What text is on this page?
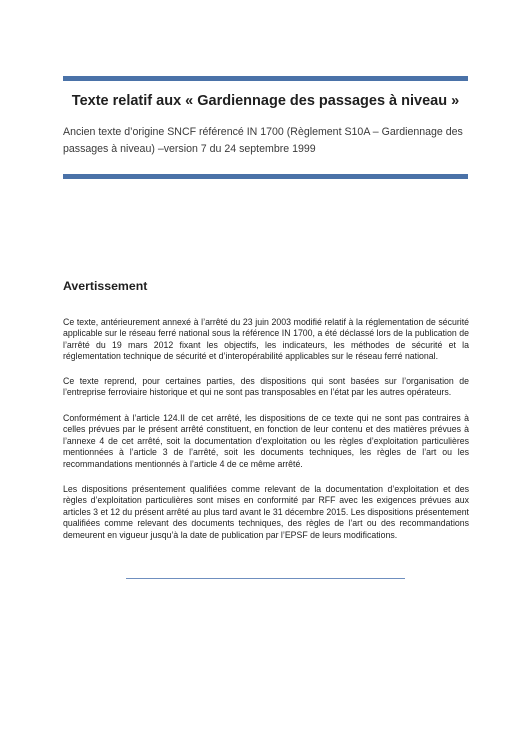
Texte relatif aux « Gardiennage des passages à niveau »
Ancien texte d’origine SNCF référencé IN 1700 (Règlement S10A – Gardiennage des passages à niveau) –version 7 du 24 septembre 1999
Avertissement

Ce texte, antérieurement annexé à l’arrêté du 23 juin 2003 modifié relatif à la réglementation de sécurité applicable sur le réseau ferré national sous la référence IN 1700, a été déclassé lors de la publication de l’arrêté du 19 mars 2012 fixant les objectifs, les indicateurs, les méthodes de sécurité et la réglementation technique de sécurité et d’interopérabilité applicables sur le réseau ferré national.

Ce texte reprend, pour certaines parties, des dispositions qui sont basées sur l’organisation de l’entreprise ferroviaire historique et qui ne sont pas transposables en l’état par les autres opérateurs.

Conformément à l’article 124.II de cet arrêté, les dispositions de ce texte qui ne sont pas contraires à celles prévues par le présent arrêté constituent, en fonction de leur contenu et des matières prévues à l’annexe 4 de cet arrêté, soit la documentation d’exploitation ou les règles d’exploitation particulières mentionnées à l’article 3 de l’arrêté, soit les documents techniques, les règles de l’art ou les recommandations mentionnés à l’article 4 de ce même arrêté.

Les dispositions présentement qualifiées comme relevant de la documentation d’exploitation et des règles d’exploitation particulières sont mises en conformité par RFF avec les exigences prévues aux articles 3 et 12 du présent arrêté au plus tard avant le 31 décembre 2015. Les dispositions présentement qualifiées comme relevant des documents techniques, des règles de l’art ou des recommandations demeurent en vigueur jusqu’à la date de publication par l’EPSF de leurs modifications.
